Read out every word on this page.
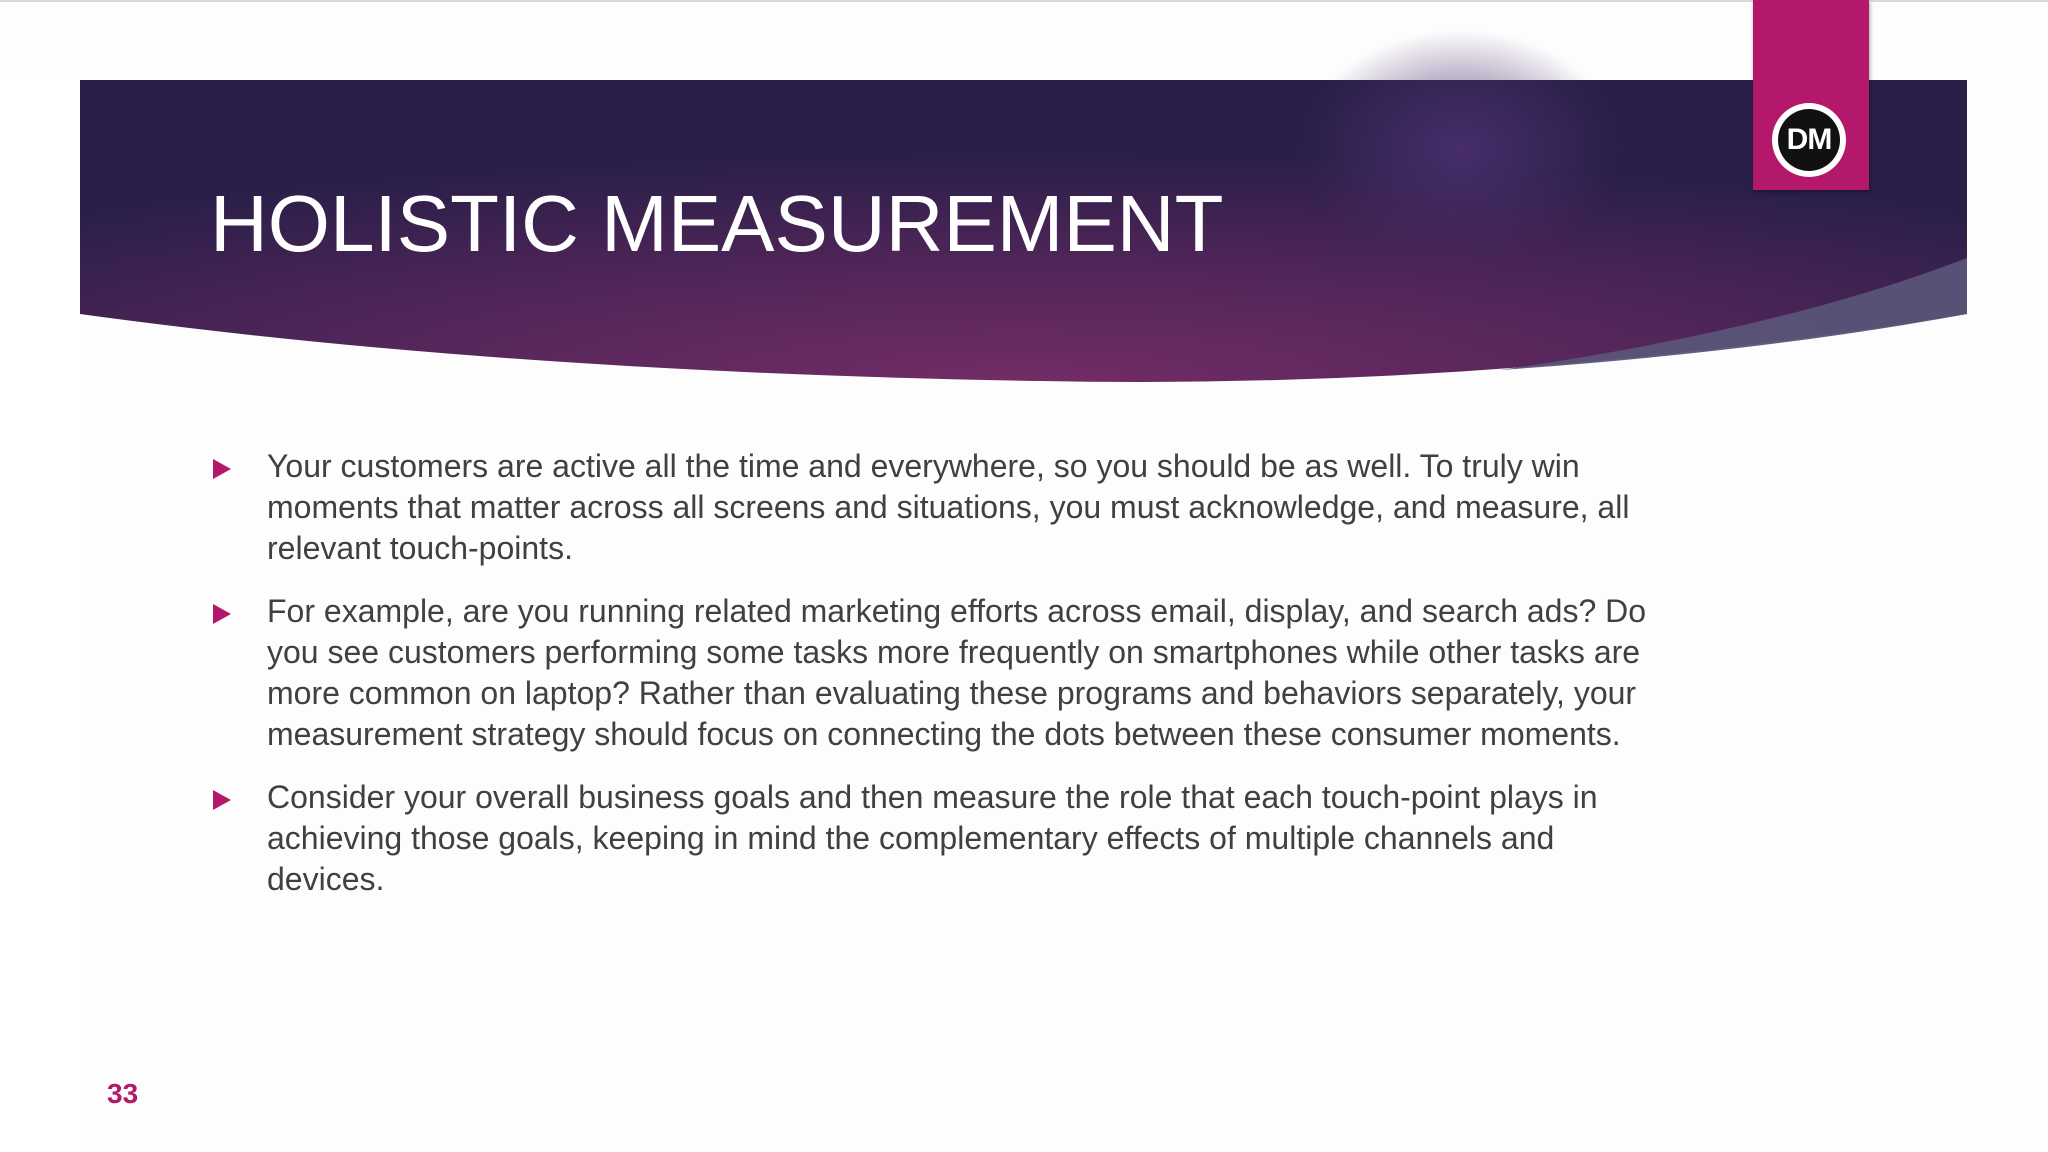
HOLISTIC MEASUREMENT
DM
Your customers are active all the time and everywhere, so you should be as well. To truly win moments that matter across all screens and situations, you must acknowledge, and measure, all relevant touch-points.
For example, are you running related marketing efforts across email, display, and search ads? Do you see customers performing some tasks more frequently on smartphones while other tasks are more common on laptop? Rather than evaluating these programs and behaviors separately, your measurement strategy should focus on connecting the dots between these consumer moments.
Consider your overall business goals and then measure the role that each touch-point plays in achieving those goals, keeping in mind the complementary effects of multiple channels and devices.
33
